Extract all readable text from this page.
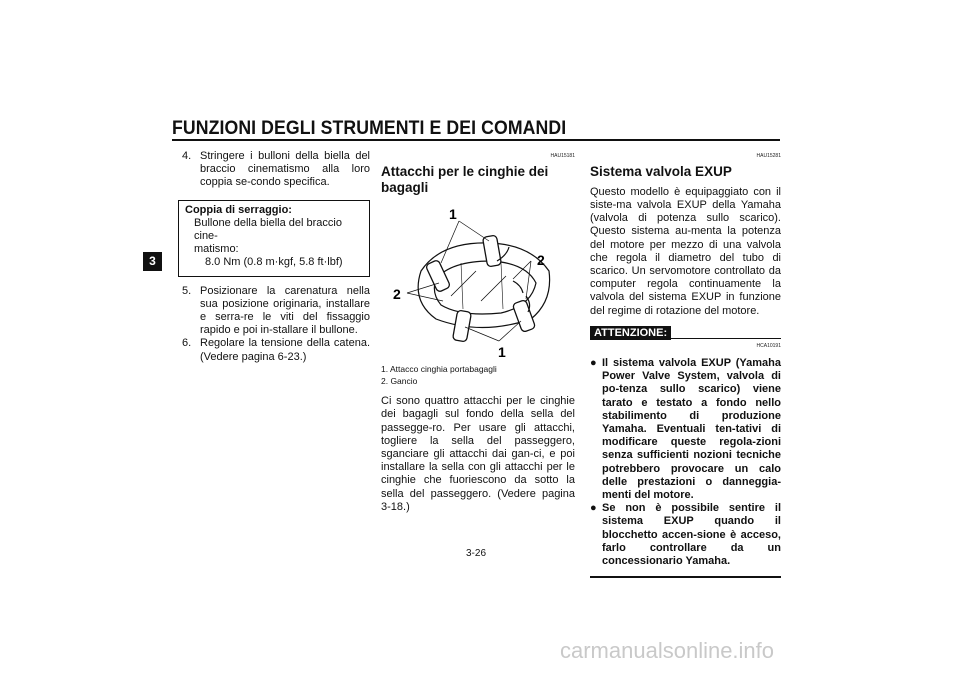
FUNZIONI DEGLI STRUMENTI E DEI COMANDI
3
4. Stringere i bulloni della biella del braccio cinematismo alla loro coppia se-condo specifica.
Coppia di serraggio:
Bullone della biella del braccio cine-
matismo:
8.0 Nm (0.8 m·kgf, 5.8 ft·lbf)
5. Posizionare la carenatura nella sua posizione originaria, installare e serra-re le viti del fissaggio rapido e poi in-stallare il bullone.
6. Regolare la tensione della catena. (Vedere pagina 6-23.)
HAU15181
Attacchi per le cinghie dei bagagli
1
2
2
1
1. Attacco cinghia portabagagli
2. Gancio

Ci sono quattro attacchi per le cinghie dei bagagli sul fondo della sella del passegge-ro. Per usare gli attacchi, togliere la sella del passeggero, sganciare gli attacchi dai gan-ci, e poi installare la sella con gli attacchi per le cinghie che fuoriescono da sotto la sella del passeggero. (Vedere pagina 3-18.)

HAU15281
Sistema valvola EXUP

Questo modello è equipaggiato con il siste-ma valvola EXUP della Yamaha (valvola di potenza sullo scarico). Questo sistema au-menta la potenza del motore per mezzo di una valvola che regola il diametro del tubo di scarico. Un servomotore controllato da computer regola continuamente la valvola del sistema EXUP in funzione del regime di rotazione del motore.

ATTENZIONE:
HCA10191
● Il sistema valvola EXUP (Yamaha Power Valve System, valvola di po-tenza sullo scarico) viene tarato e testato a fondo nello stabilimento di produzione Yamaha. Eventuali ten-tativi di modificare queste regola-zioni senza sufficienti nozioni tecniche potrebbero provocare un calo delle prestazioni o danneggia-menti del motore.
● Se non è possibile sentire il sistema EXUP quando il blocchetto accen-sione è acceso, farlo controllare da un concessionario Yamaha.
3-26
carmanualsonline.info
